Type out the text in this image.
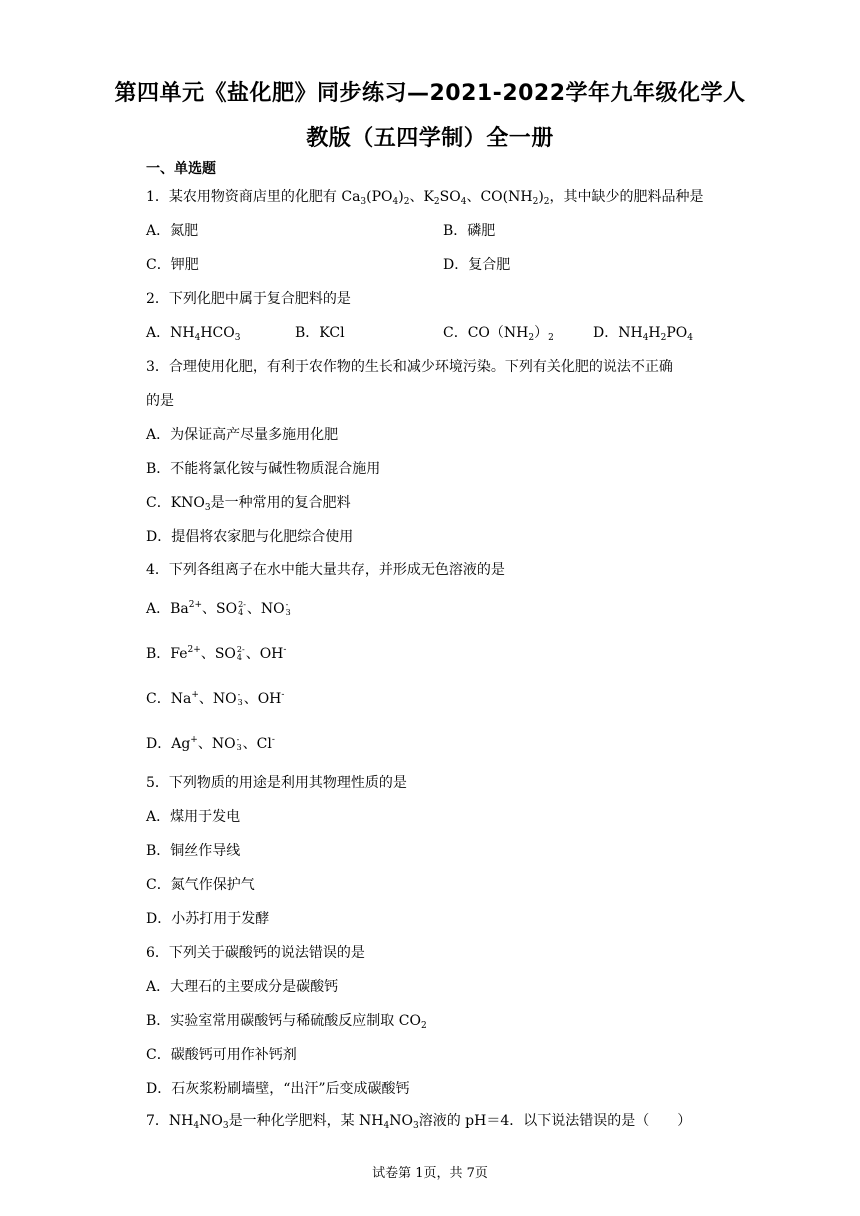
第四单元《盐化肥》同步练习—2021-2022学年九年级化学人
教版（五四学制）全一册
一、单选题
1．某农用物资商店里的化肥有 $Ca_3(PO_4)_2$、$K_2SO_4$、$CO(NH_2)_2$，其中缺少的肥料品种是
A．氮肥	B．磷肥
C．钾肥	D．复合肥
2．下列化肥中属于复合肥料的是
A．$NH_4HCO_3$	B．KCl	C．$CO(NH_2)_2$	D．$NH_4H_2PO_4$
3．合理使用化肥，有利于农作物的生长和减少环境污染。下列有关化肥的说法不正确
的是
A．为保证高产尽量多施用化肥
B．不能将氯化铵与碱性物质混合施用
C．$KNO_3$是一种常用的复合肥料
D．提倡将农家肥与化肥综合使用
4．下列各组离子在水中能大量共存，并形成无色溶液的是
A．$Ba^{2+}$、SO 2-
4 、NO -
3
B．$Fe^{2+}$、SO 2-
4 、OH-
C．Na+、NO -
3 、OH-
D．Ag+、NO -
3 、Cl-
5．下列物质的用途是利用其物理性质的是
A．煤用于发电
B．铜丝作导线
C．氮气作保护气
D．小苏打用于发酵
6．下列关于碳酸钙的说法错误的是
A．大理石的主要成分是碳酸钙
B．实验室常用碳酸钙与稀硫酸反应制取 $CO_2$
C．碳酸钙可用作补钙剂
D．石灰浆粉刷墙壁，“出汗”后变成碳酸钙
7．$NH_4NO_3$是一种化学肥料，某 $NH_4NO_3$溶液的 pH＝4．以下说法错误的是（　　）
试卷第 1页，共 7页
